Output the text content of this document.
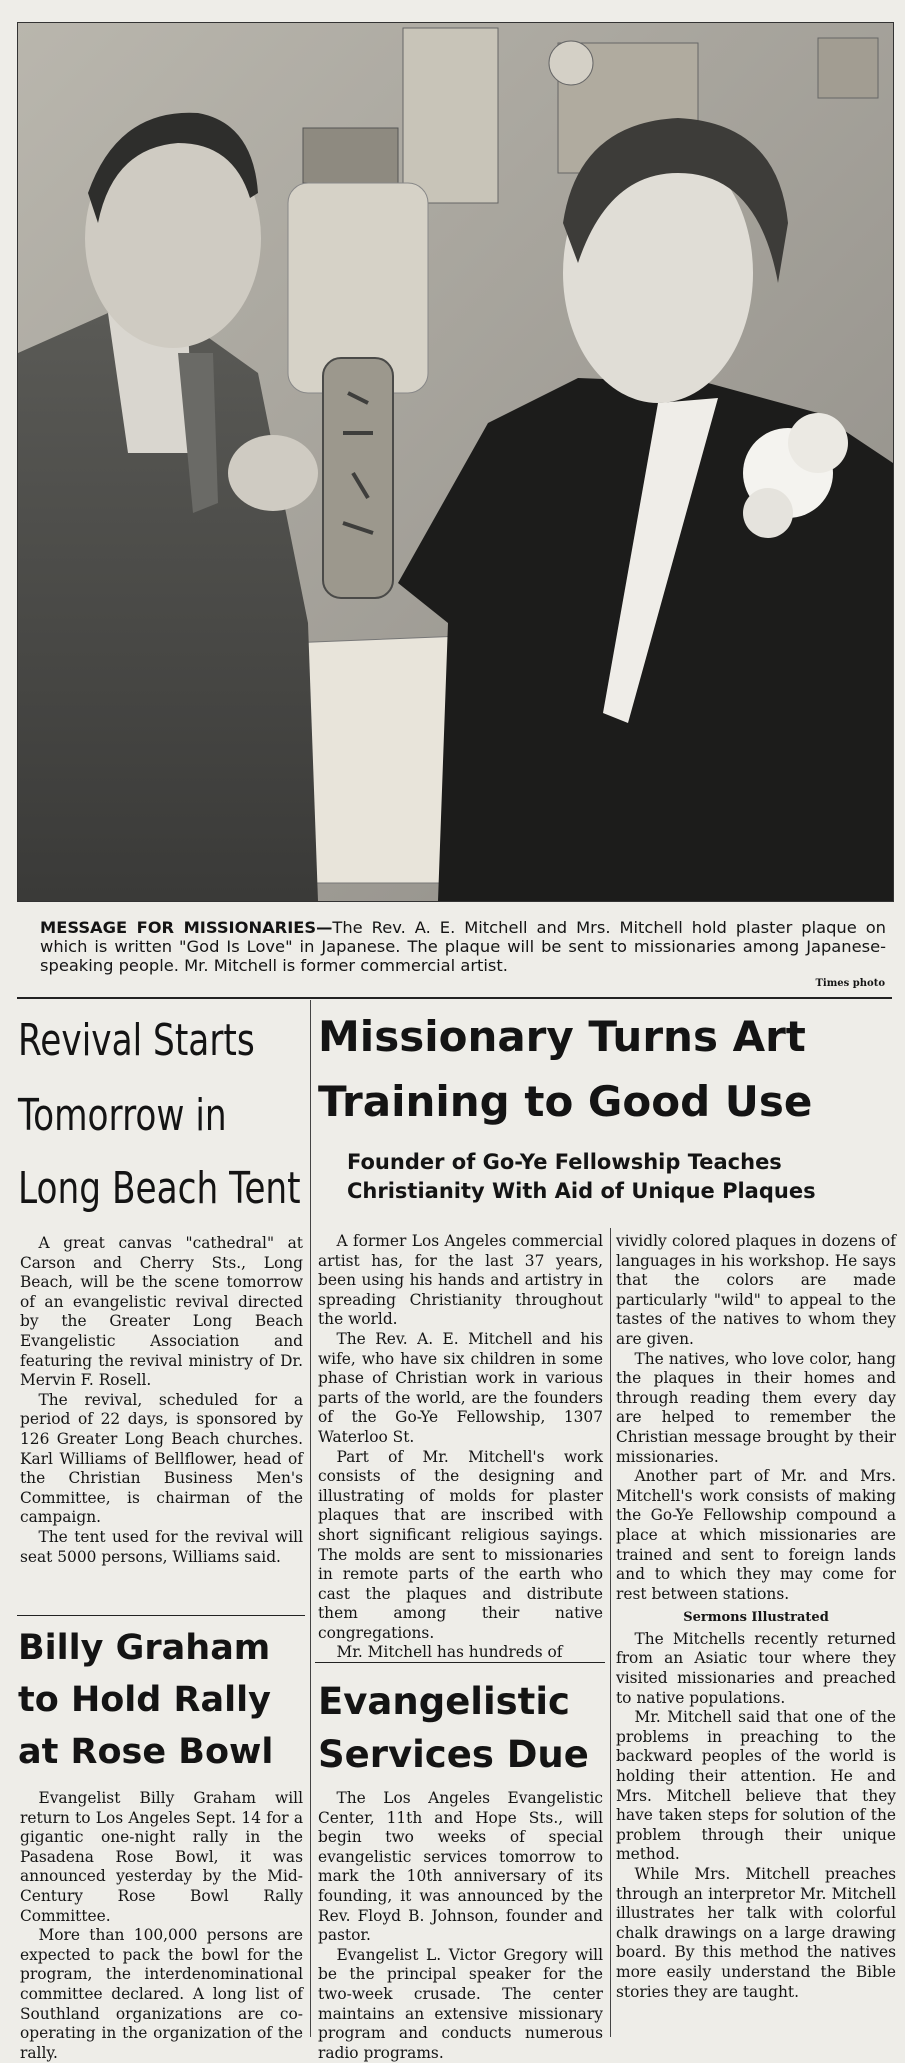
MESSAGE FOR MISSIONARIES—The Rev. A. E. Mitchell and Mrs. Mitchell hold plaster plaque on which is written "God Is Love" in Japanese. The plaque will be sent to missionaries among Japanese-speaking people. Mr. Mitchell is former commercial artist.
Times photo
Revival Starts
Tomorrow in
Long Beach Tent

A great canvas "cathedral" at Carson and Cherry Sts., Long Beach, will be the scene tomorrow of an evangelistic revival directed by the Greater Long Beach Evangelistic Association and featuring the revival ministry of Dr. Mervin F. Rosell.

The revival, scheduled for a period of 22 days, is sponsored by 126 Greater Long Beach churches. Karl Williams of Bellflower, head of the Christian Business Men's Committee, is chairman of the campaign.

The tent used for the revival will seat 5000 persons, Williams said.

Billy Graham
to Hold Rally
at Rose Bowl

Evangelist Billy Graham will return to Los Angeles Sept. 14 for a gigantic one-night rally in the Pasadena Rose Bowl, it was announced yesterday by the Mid-Century Rose Bowl Rally Committee.

More than 100,000 persons are expected to pack the bowl for the program, the interdenominational committee declared. A long list of Southland organizations are co-operating in the organization of the rally.

Missionary Turns Art
Training to Good Use
Founder of Go-Ye Fellowship Teaches
Christianity With Aid of Unique Plaques

A former Los Angeles commercial artist has, for the last 37 years, been using his hands and artistry in spreading Christianity throughout the world.

The Rev. A. E. Mitchell and his wife, who have six children in some phase of Christian work in various parts of the world, are the founders of the Go-Ye Fellowship, 1307 Waterloo St.

Part of Mr. Mitchell's work consists of the designing and illustrating of molds for plaster plaques that are inscribed with short significant religious sayings. The molds are sent to missionaries in remote parts of the earth who cast the plaques and distribute them among their native congregations.

Mr. Mitchell has hundreds of

vividly colored plaques in dozens of languages in his workshop. He says that the colors are made particularly "wild" to appeal to the tastes of the natives to whom they are given.

The natives, who love color, hang the plaques in their homes and through reading them every day are helped to remember the Christian message brought by their missionaries.

Another part of Mr. and Mrs. Mitchell's work consists of making the Go-Ye Fellowship compound a place at which missionaries are trained and sent to foreign lands and to which they may come for rest between stations.

Sermons Illustrated

The Mitchells recently returned from an Asiatic tour where they visited missionaries and preached to native populations.

Mr. Mitchell said that one of the problems in preaching to the backward peoples of the world is holding their attention. He and Mrs. Mitchell believe that they have taken steps for solution of the problem through their unique method.

While Mrs. Mitchell preaches through an interpretor Mr. Mitchell illustrates her talk with colorful chalk drawings on a large drawing board. By this method the natives more easily understand the Bible stories they are taught.

Evangelistic
Services Due

The Los Angeles Evangelistic Center, 11th and Hope Sts., will begin two weeks of special evangelistic services tomorrow to mark the 10th anniversary of its founding, it was announced by the Rev. Floyd B. Johnson, founder and pastor.

Evangelist L. Victor Gregory will be the principal speaker for the two-week crusade. The center maintains an extensive missionary program and conducts numerous radio programs.
